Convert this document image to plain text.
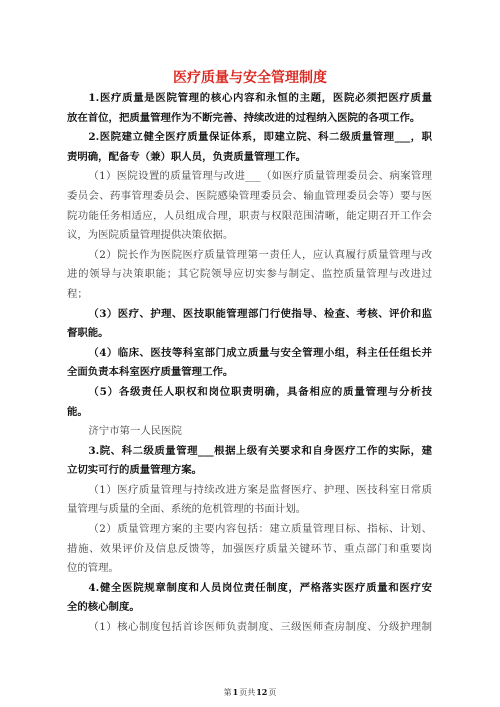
医疗质量与安全管理制度
1.医疗质量是医院管理的核心内容和永恒的主题，医院必须把医疗质量
放在首位，把质量管理作为不断完善、持续改进的过程纳入医院的各项工作。
2.医院建立健全医疗质量保证体系，即建立院、科二级质量管理___，职
责明确，配备专（兼）职人员，负责质量管理工作。
（1）医院设置的质量管理与改进___（如医疗质量管理委员会、病案管理
委员会、药事管理委员会、医院感染管理委员会、输血管理委员会等）要与医
院功能任务相适应，人员组成合理，职责与权限范围清晰，能定期召开工作会
议，为医院质量管理提供决策依据。
（2）院长作为医院医疗质量管理第一责任人，应认真履行质量管理与改
进的领导与决策职能；其它院领导应切实参与制定、监控质量管理与改进过
程；
（3）医疗、护理、医技职能管理部门行使指导、检查、考核、评价和监
督职能。
（4）临床、医技等科室部门成立质量与安全管理小组，科主任任组长并
全面负责本科室医疗质量管理工作。
（5）各级责任人职权和岗位职责明确，具备相应的质量管理与分析技
能。
济宁市第一人民医院
3.院、科二级质量管理___根据上级有关要求和自身医疗工作的实际，建
立切实可行的质量管理方案。
（1）医疗质量管理与持续改进方案是监督医疗、护理、医技科室日常质
量管理与质量的全面、系统的危机管理的书面计划。
（2）质量管理方案的主要内容包括：建立质量管理目标、指标、计划、
措施、效果评价及信息反馈等，加强医疗质量关键环节、重点部门和重要岗
位的管理。
4.健全医院规章制度和人员岗位责任制度，严格落实医疗质量和医疗安
全的核心制度。
（1）核心制度包括首诊医师负责制度、三级医师查房制度、分级护理制
第1页共12页
